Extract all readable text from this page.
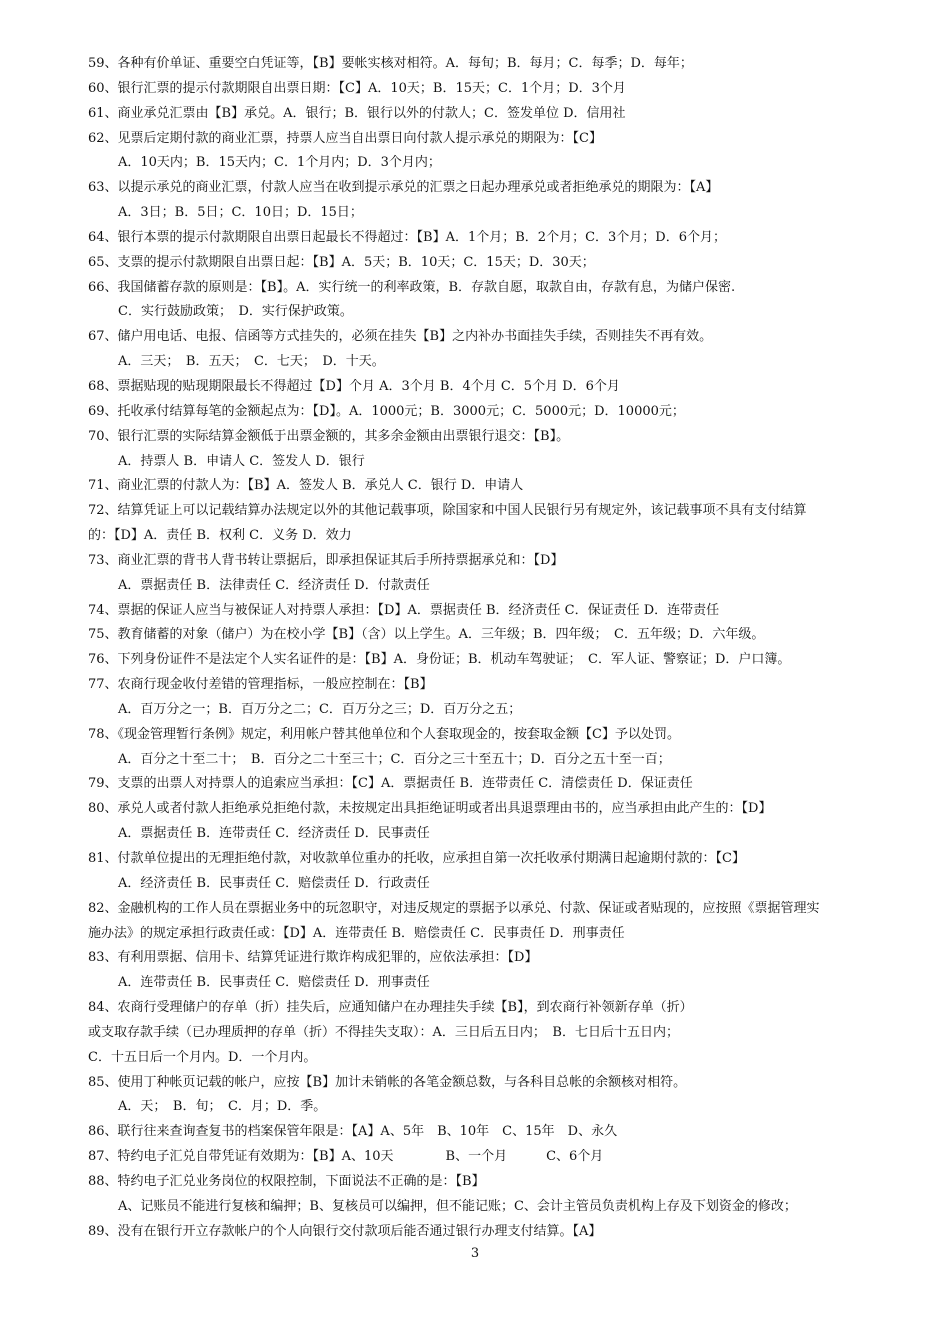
59、各种有价单证、重要空白凭证等，【B】要帐实核对相符。A．每旬；B．每月；C．每季；D．每年；
60、银行汇票的提示付款期限自出票日期：【C】A．10天；B．15天；C．1个月；D．3个月
61、商业承兑汇票由【B】承兑。A．银行；B．银行以外的付款人；C．签发单位 D．信用社
62、见票后定期付款的商业汇票，持票人应当自出票日向付款人提示承兑的期限为：【C】
A．10天内；B．15天内；C．1个月内；D．3个月内；
63、以提示承兑的商业汇票，付款人应当在收到提示承兑的汇票之日起办理承兑或者拒绝承兑的期限为：【A】
A．3日；B．5日；C．10日；D．15日；
64、银行本票的提示付款期限自出票日起最长不得超过：【B】A．1个月；B．2个月；C．3个月；D．6个月；
65、支票的提示付款期限自出票日起：【B】A．5天；B．10天；C．15天；D．30天；
66、我国储蓄存款的原则是：【B】。A．实行统一的利率政策，B．存款自愿，取款自由，存款有息，为储户保密.
C．实行鼓励政策；　D．实行保护政策。
67、储户用电话、电报、信函等方式挂失的，必须在挂失【B】之内补办书面挂失手续，否则挂失不再有效。
A．三天；　B．五天；　C．七天；　D．十天。
68、票据贴现的贴现期限最长不得超过【D】个月 A．3个月 B．4个月 C．5个月 D．6个月
69、托收承付结算每笔的金额起点为：【D】。A．1000元；B．3000元；C．5000元；D．10000元；
70、银行汇票的实际结算金额低于出票金额的，其多余金额由出票银行退交：【B】。
A．持票人 B．申请人 C．签发人 D．银行
71、商业汇票的付款人为：【B】A．签发人 B．承兑人 C．银行 D．申请人
72、结算凭证上可以记载结算办法规定以外的其他记载事项，除国家和中国人民银行另有规定外，该记载事项不具有支付结算
的：【D】A．责任 B．权利 C．义务 D．效力
73、商业汇票的背书人背书转让票据后，即承担保证其后手所持票据承兑和：【D】
A．票据责任 B．法律责任 C．经济责任 D．付款责任
74、票据的保证人应当与被保证人对持票人承担：【D】A．票据责任 B．经济责任 C．保证责任 D．连带责任
75、教育储蓄的对象（储户）为在校小学【B】（含）以上学生。A．三年级；B．四年级；　C．五年级；D．六年级。
76、下列身份证件不是法定个人实名证件的是：【B】A．身份证；B．机动车驾驶证；　C．军人证、警察证；D．户口簿。
77、农商行现金收付差错的管理指标，一般应控制在：【B】
A．百万分之一；B．百万分之二；C．百万分之三；D．百万分之五；
78、《现金管理暂行条例》规定，利用帐户替其他单位和个人套取现金的，按套取金额【C】予以处罚。
A．百分之十至二十；　B．百分之二十至三十；C．百分之三十至五十；D．百分之五十至一百；
79、支票的出票人对持票人的追索应当承担：【C】A．票据责任 B．连带责任 C．清偿责任 D．保证责任
80、承兑人或者付款人拒绝承兑拒绝付款，未按规定出具拒绝证明或者出具退票理由书的，应当承担由此产生的：【D】
A．票据责任 B．连带责任 C．经济责任 D．民事责任
81、付款单位提出的无理拒绝付款，对收款单位重办的托收，应承担自第一次托收承付期满日起逾期付款的：【C】
A．经济责任 B．民事责任 C．赔偿责任 D．行政责任
82、金融机构的工作人员在票据业务中的玩忽职守，对违反规定的票据予以承兑、付款、保证或者贴现的，应按照《票据管理实
施办法》的规定承担行政责任或：【D】A．连带责任 B．赔偿责任 C．民事责任 D．刑事责任
83、有利用票据、信用卡、结算凭证进行欺诈构成犯罪的，应依法承担：【D】
A．连带责任 B．民事责任 C．赔偿责任 D．刑事责任
84、农商行受理储户的存单（折）挂失后，应通知储户在办理挂失手续【B】，到农商行补领新存单（折）
或支取存款手续（已办理质押的存单（折）不得挂失支取）：A．三日后五日内；　B．七日后十五日内；
C．十五日后一个月内。D．一个月内。
85、使用丁种帐页记载的帐户，应按【B】加计未销帐的各笔金额总数，与各科目总帐的余额核对相符。
A．天；　B．旬；　C．月；D．季。
86、联行往来查询查复书的档案保管年限是：【A】A、5年　B、10年　C、15年　D、永久
87、特约电子汇兑自带凭证有效期为：【B】A、10天　　　　B、一个月　　　C、6个月
88、特约电子汇兑业务岗位的权限控制，下面说法不正确的是：【B】
A、记账员不能进行复核和编押；B、复核员可以编押，但不能记账；C、会计主管员负责机构上存及下划资金的修改；
89、没有在银行开立存款帐户的个人向银行交付款项后能否通过银行办理支付结算。【A】
3
